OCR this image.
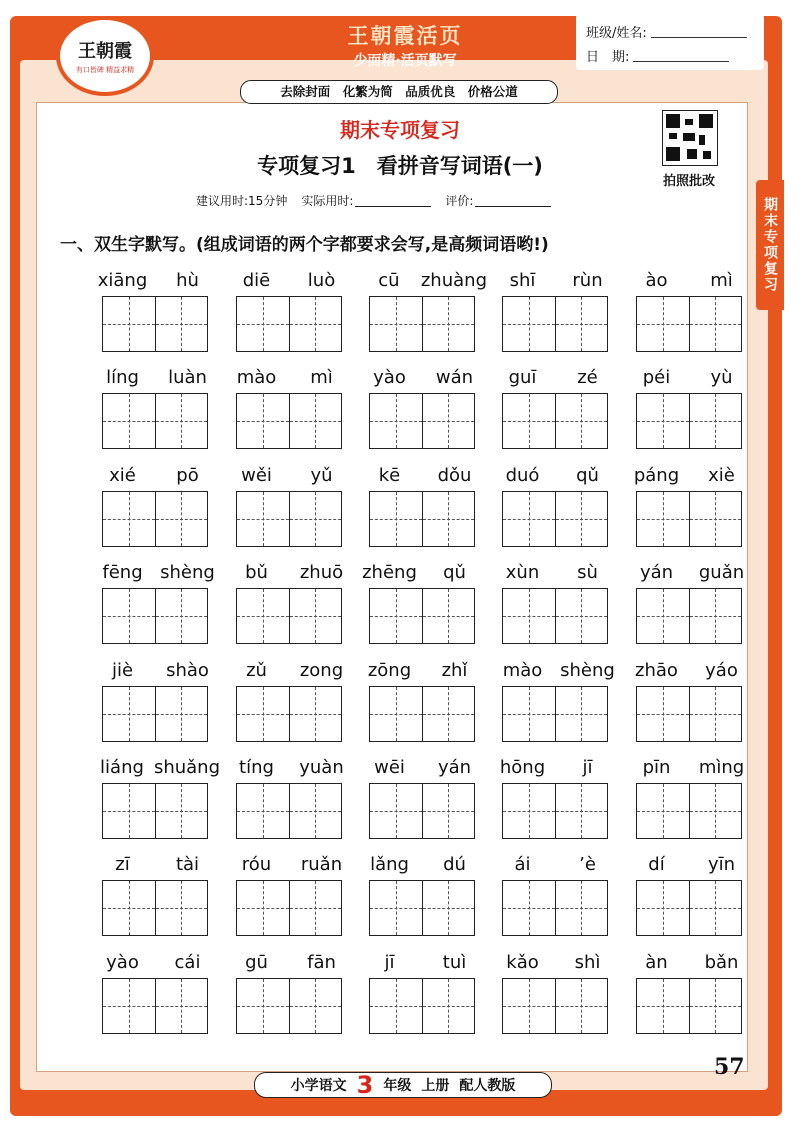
王朝霞
有口皆碑 精益求精
王朝霞活页
少而精·活页默写
班级/姓名:
日　期:
去除封面　化繁为简　品质优良　价格公道
期末专项复习
专项复习1　看拼音写词语(一)
建议用时:15分钟 实际用时:	评价:
拍照批改
期末专项复习
一、双生字默写。(组成词语的两个字都要求会写,是高频词语哟!)
xiāng	hù	diē	luò	cū	zhuàng	shī	rùn	ào	mì
líng	luàn	mào	mì	yào	wán	guī	zé	péi	yù
xié	pō	wěi	yǔ	kē	dǒu	duó	qǔ	páng	xiè
fēng shèng	bǔ	zhuō	zhēng	qǔ	xùn	sù	yán	guǎn
jiè	shào	zǔ	zong	zōng	zhǐ	mào shèng	zhāo	yáo
liáng shuǎng	tíng	yuàn	wēi	yán	hōng	jī	pīn	mìng
zī	tài	róu	ruǎn	lǎng	dú	ái	’è	dí	yīn
yào	cái	gū	fān	jī	tuì	kǎo	shì	àn	bǎn
小学语文 3 年级 上册 配人教版
57
